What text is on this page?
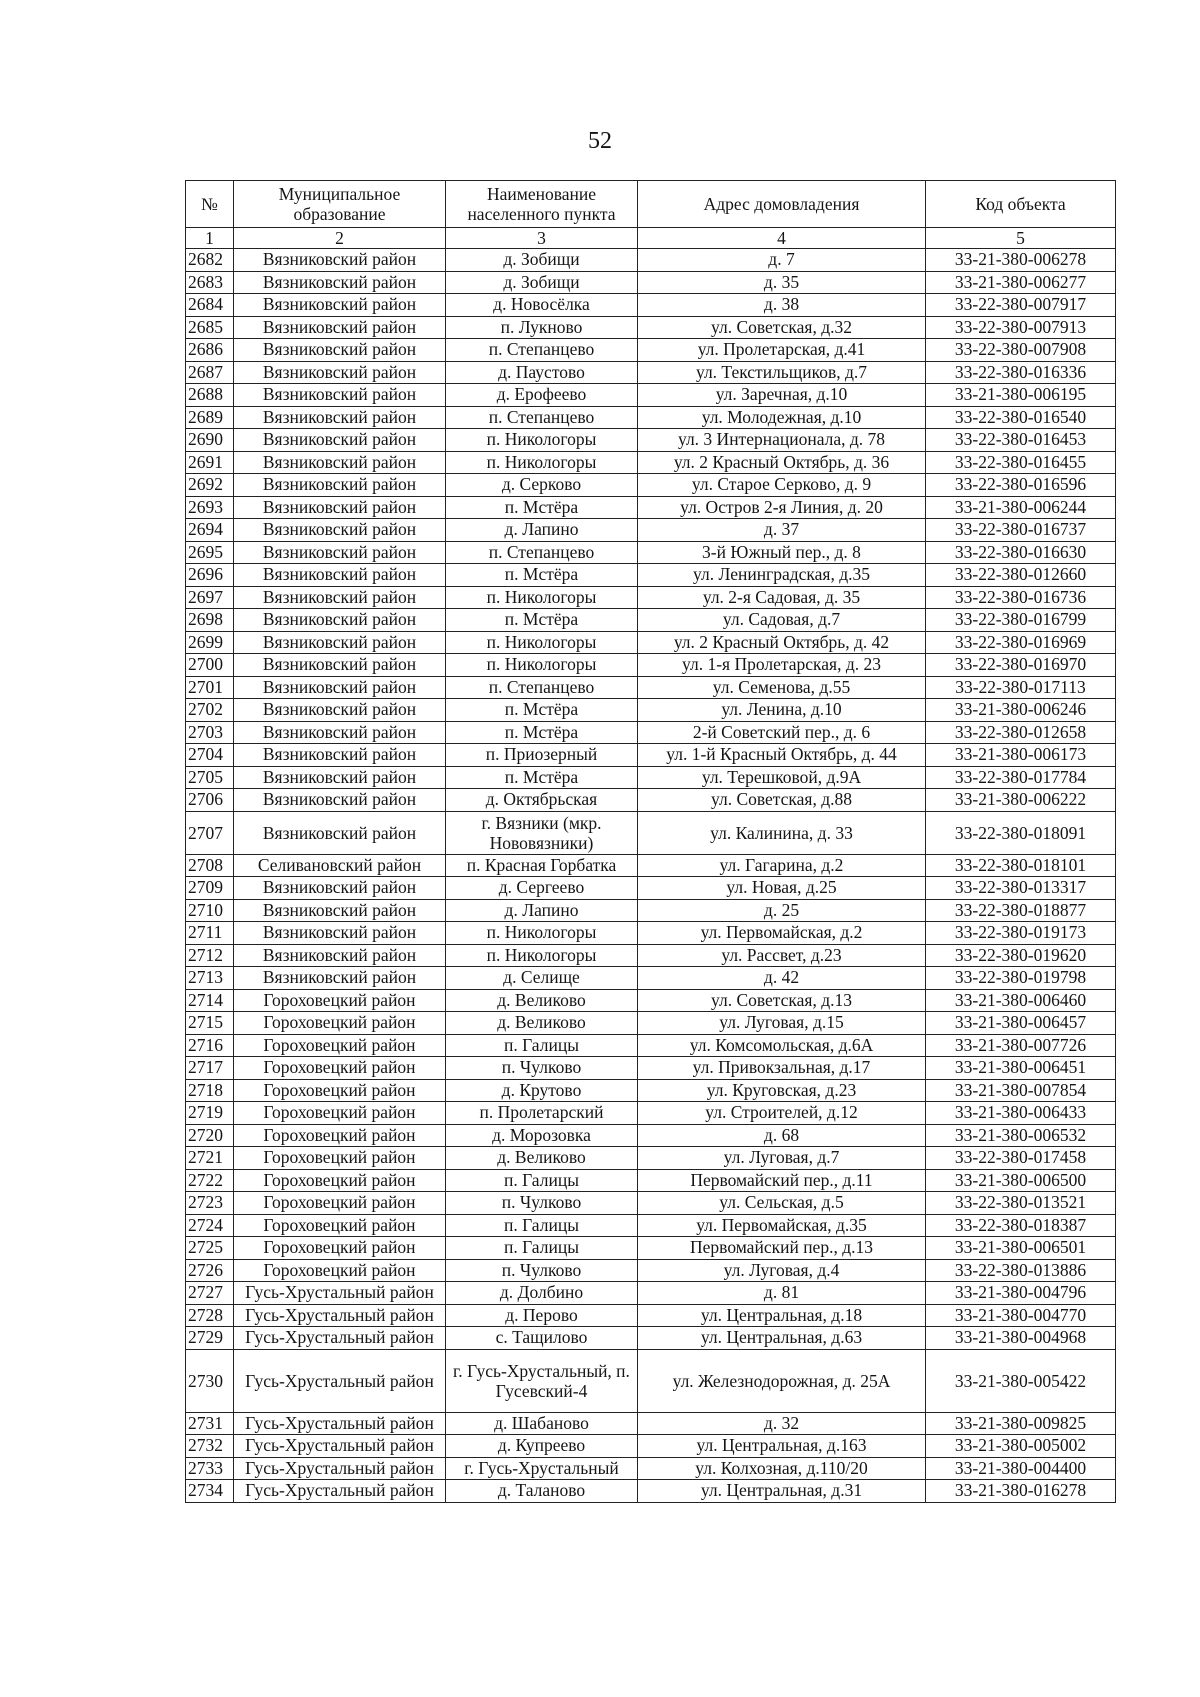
52
№	Муниципальное образование	Наименование населенного пункта	Адрес домовладения	Код объекта
1	2	3	4	5
2682	Вязниковский район	д. Зобищи	д. 7	33-21-380-006278
2683	Вязниковский район	д. Зобищи	д. 35	33-21-380-006277
2684	Вязниковский район	д. Новосёлка	д. 38	33-22-380-007917
2685	Вязниковский район	п. Лукново	ул. Советская, д.32	33-22-380-007913
2686	Вязниковский район	п. Степанцево	ул. Пролетарская, д.41	33-22-380-007908
2687	Вязниковский район	д. Паустово	ул. Текстильщиков, д.7	33-22-380-016336
2688	Вязниковский район	д. Ерофеево	ул. Заречная, д.10	33-21-380-006195
2689	Вязниковский район	п. Степанцево	ул. Молодежная, д.10	33-22-380-016540
2690	Вязниковский район	п. Никологоры	ул. 3 Интернационала, д. 78	33-22-380-016453
2691	Вязниковский район	п. Никологоры	ул. 2 Красный Октябрь, д. 36	33-22-380-016455
2692	Вязниковский район	д. Серково	ул. Старое Серково, д. 9	33-22-380-016596
2693	Вязниковский район	п. Мстёра	ул. Остров 2-я Линия, д. 20	33-21-380-006244
2694	Вязниковский район	д. Лапино	д. 37	33-22-380-016737
2695	Вязниковский район	п. Степанцево	3-й Южный пер., д. 8	33-22-380-016630
2696	Вязниковский район	п. Мстёра	ул. Ленинградская, д.35	33-22-380-012660
2697	Вязниковский район	п. Никологоры	ул. 2-я Садовая, д. 35	33-22-380-016736
2698	Вязниковский район	п. Мстёра	ул. Садовая, д.7	33-22-380-016799
2699	Вязниковский район	п. Никологоры	ул. 2 Красный Октябрь, д. 42	33-22-380-016969
2700	Вязниковский район	п. Никологоры	ул. 1-я Пролетарская, д. 23	33-22-380-016970
2701	Вязниковский район	п. Степанцево	ул. Семенова, д.55	33-22-380-017113
2702	Вязниковский район	п. Мстёра	ул. Ленина, д.10	33-21-380-006246
2703	Вязниковский район	п. Мстёра	2-й Советский пер., д. 6	33-22-380-012658
2704	Вязниковский район	п. Приозерный	ул. 1-й Красный Октябрь, д. 44	33-21-380-006173
2705	Вязниковский район	п. Мстёра	ул. Терешковой, д.9А	33-22-380-017784
2706	Вязниковский район	д. Октябрьская	ул. Советская, д.88	33-21-380-006222
2707	Вязниковский район	г. Вязники (мкр. Нововязники)	ул. Калинина, д. 33	33-22-380-018091
2708	Селивановский район	п. Красная Горбатка	ул. Гагарина, д.2	33-22-380-018101
2709	Вязниковский район	д. Сергеево	ул. Новая, д.25	33-22-380-013317
2710	Вязниковский район	д. Лапино	д. 25	33-22-380-018877
2711	Вязниковский район	п. Никологоры	ул. Первомайская, д.2	33-22-380-019173
2712	Вязниковский район	п. Никологоры	ул. Рассвет, д.23	33-22-380-019620
2713	Вязниковский район	д. Селище	д. 42	33-22-380-019798
2714	Гороховецкий район	д. Великово	ул. Советская, д.13	33-21-380-006460
2715	Гороховецкий район	д. Великово	ул. Луговая, д.15	33-21-380-006457
2716	Гороховецкий район	п. Галицы	ул. Комсомольская, д.6А	33-21-380-007726
2717	Гороховецкий район	п. Чулково	ул. Привокзальная, д.17	33-21-380-006451
2718	Гороховецкий район	д. Крутово	ул. Круговская, д.23	33-21-380-007854
2719	Гороховецкий район	п. Пролетарский	ул. Строителей, д.12	33-21-380-006433
2720	Гороховецкий район	д. Морозовка	д. 68	33-21-380-006532
2721	Гороховецкий район	д. Великово	ул. Луговая, д.7	33-22-380-017458
2722	Гороховецкий район	п. Галицы	Первомайский пер., д.11	33-21-380-006500
2723	Гороховецкий район	п. Чулково	ул. Сельская, д.5	33-22-380-013521
2724	Гороховецкий район	п. Галицы	ул. Первомайская, д.35	33-22-380-018387
2725	Гороховецкий район	п. Галицы	Первомайский пер., д.13	33-21-380-006501
2726	Гороховецкий район	п. Чулково	ул. Луговая, д.4	33-22-380-013886
2727	Гусь-Хрустальный район	д. Долбино	д. 81	33-21-380-004796
2728	Гусь-Хрустальный район	д. Перово	ул. Центральная, д.18	33-21-380-004770
2729	Гусь-Хрустальный район	с. Тащилово	ул. Центральная, д.63	33-21-380-004968
2730	Гусь-Хрустальный район	г. Гусь-Хрустальный, п. Гусевский-4	ул. Железнодорожная, д. 25А	33-21-380-005422
2731	Гусь-Хрустальный район	д. Шабаново	д. 32	33-21-380-009825
2732	Гусь-Хрустальный район	д. Купреево	ул. Центральная, д.163	33-21-380-005002
2733	Гусь-Хрустальный район	г. Гусь-Хрустальный	ул. Колхозная, д.110/20	33-21-380-004400
2734	Гусь-Хрустальный район	д. Таланово	ул. Центральная, д.31	33-21-380-016278
